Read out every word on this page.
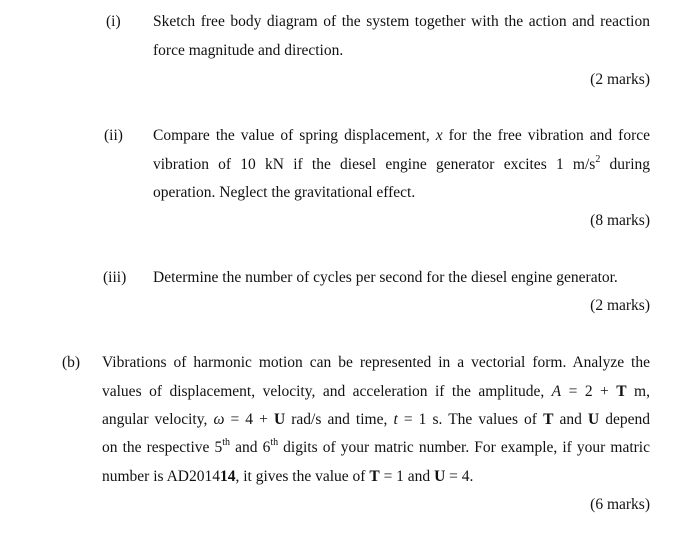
(i) Sketch free body diagram of the system together with the action and reaction
force magnitude and direction.
(2 marks)
(ii) Compare the value of spring displacement, x for the free vibration and force
vibration of 10 kN if the diesel engine generator excites 1 $m/s^2$ during
operation. Neglect the gravitational effect.
(8 marks)
(iii) Determine the number of cycles per second for the diesel engine generator.
(2 marks)
(b) Vibrations of harmonic motion can be represented in a vectorial form. Analyze the
values of displacement, velocity, and acceleration if the amplitude, A = 2 + T m,
angular velocity, ω = 4 + U rad/s and time, t = 1 s. The values of T and U depend
on the respective 5th and 6th digits of your matric number. For example, if your matric
number is AD201414, it gives the value of T = 1 and U = 4.
(6 marks)
